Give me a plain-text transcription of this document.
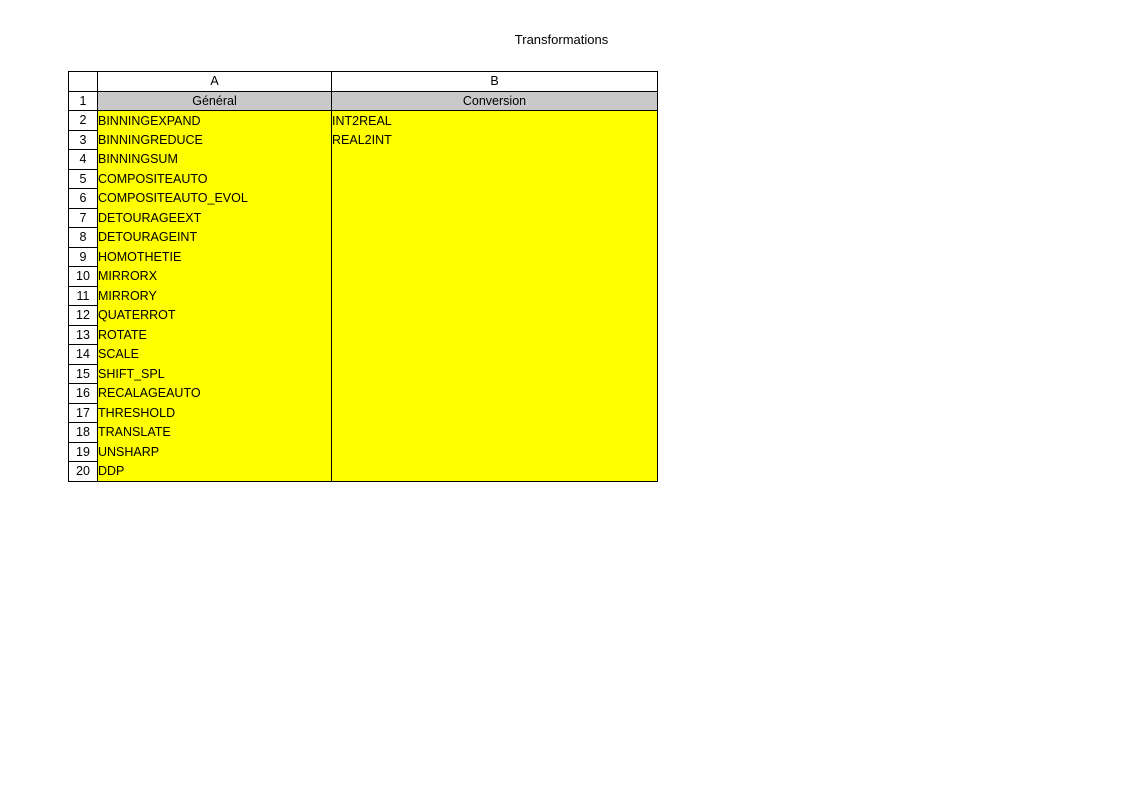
Transformations
	A	B
1	Général	Conversion
2	BINNINGEXPAND	INT2REAL
3	BINNINGREDUCE	REAL2INT
4	BINNINGSUM	
5	COMPOSITEAUTO	
6	COMPOSITEAUTO_EVOL	
7	DETOURAGEEXT	
8	DETOURAGEINT	
9	HOMOTHETIE	
10	MIRRORX	
11	MIRRORY	
12	QUATERROT	
13	ROTATE	
14	SCALE	
15	SHIFT_SPL	
16	RECALAGEAUTO	
17	THRESHOLD	
18	TRANSLATE	
19	UNSHARP	
20	DDP	
